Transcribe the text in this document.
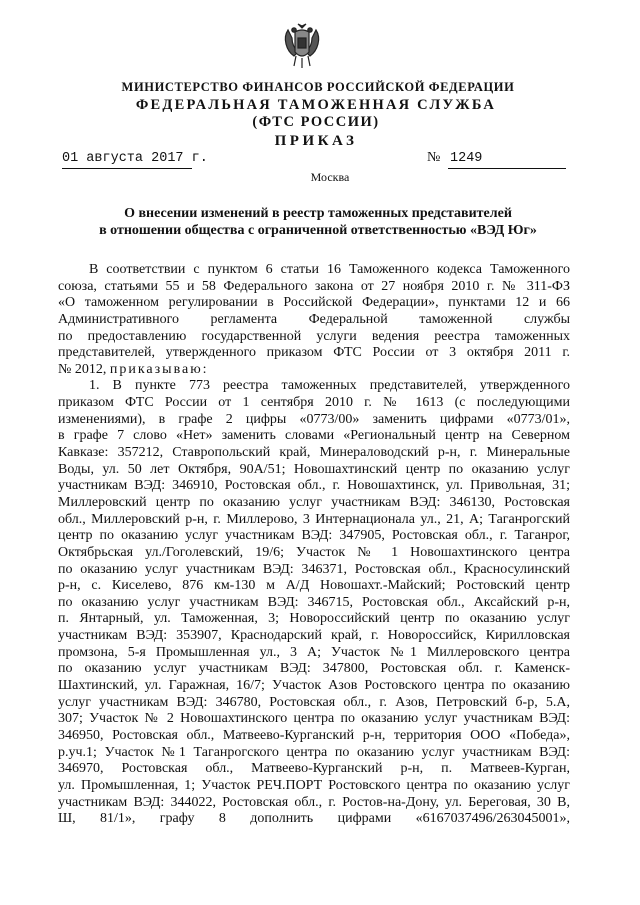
МИНИСТЕРСТВО ФИНАНСОВ РОССИЙСКОЙ ФЕДЕРАЦИИ
ФЕДЕРАЛЬНАЯ ТАМОЖЕННАЯ СЛУЖБА
(ФТС РОССИИ)
ПРИКАЗ
01 августа 2017 г.	№ 1249
Москва
О внесении изменений в реестр таможенных представителей
в отношении общества с ограниченной ответственностью «ВЭД Юг»
В соответствии с пунктом 6 статьи 16 Таможенного кодекса Таможенного
союза, статьями 55 и 58 Федерального закона от 27 ноября 2010 г. № 311-ФЗ
«О таможенном регулировании в Российской Федерации», пунктами 12 и 66
Административного регламента Федеральной таможенной службы
по предоставлению государственной услуги ведения реестра таможенных
представителей, утвержденного приказом ФТС России от 3 октября 2011 г.
№ 2012, приказываю:
1. В пункте 773 реестра таможенных представителей, утвержденного
приказом ФТС России от 1 сентября 2010 г. № 1613 (с последующими
изменениями), в графе 2 цифры «0773/00» заменить цифрами «0773/01»,
в графе 7 слово «Нет» заменить словами «Региональный центр на Северном
Кавказе: 357212, Ставропольский край, Минераловодский р-н, г. Минеральные
Воды, ул. 50 лет Октября, 90А/51; Новошахтинский центр по оказанию услуг
участникам ВЭД: 346910, Ростовская обл., г. Новошахтинск, ул. Привольная, 31;
Миллеровский центр по оказанию услуг участникам ВЭД: 346130, Ростовская
обл., Миллеровский р-н, г. Миллерово, 3 Интернационала ул., 21, А; Таганрогский
центр по оказанию услуг участникам ВЭД: 347905, Ростовская обл., г. Таганрог,
Октябрьская ул./Гоголевский, 19/6; Участок № 1 Новошахтинского центра
по оказанию услуг участникам ВЭД: 346371, Ростовская обл., Красносулинский
р-н, с. Киселево, 876 км-130 м А/Д Новошахт.-Майский; Ростовский центр
по оказанию услуг участникам ВЭД: 346715, Ростовская обл., Аксайский р-н,
п. Янтарный, ул. Таможенная, 3; Новороссийский центр по оказанию услуг
участникам ВЭД: 353907, Краснодарский край, г. Новороссийск, Кирилловская
промзона, 5-я Промышленная ул., 3 А; Участок №1 Миллеровского центра
по оказанию услуг участникам ВЭД: 347800, Ростовская обл. г. Каменск-
Шахтинский, ул. Гаражная, 16/7; Участок Азов Ростовского центра по оказанию
услуг участникам ВЭД: 346780, Ростовская обл., г. Азов, Петровский б-р, 5.А,
307; Участок № 2 Новошахтинского центра по оказанию услуг участникам ВЭД:
346950, Ростовская обл., Матвеево-Курганский р-н, территория ООО «Победа»,
р.уч.1; Участок №1 Таганрогского центра по оказанию услуг участникам ВЭД:
346970, Ростовская обл., Матвеево-Курганский р-н, п. Матвеев-Курган,
ул. Промышленная, 1; Участок РЕЧ.ПОРТ Ростовского центра по оказанию услуг
участникам ВЭД: 344022, Ростовская обл., г. Ростов-на-Дону, ул. Береговая, 30 В,
Ш, 81/1», графу 8 дополнить цифрами «6167037496/263045001»,
